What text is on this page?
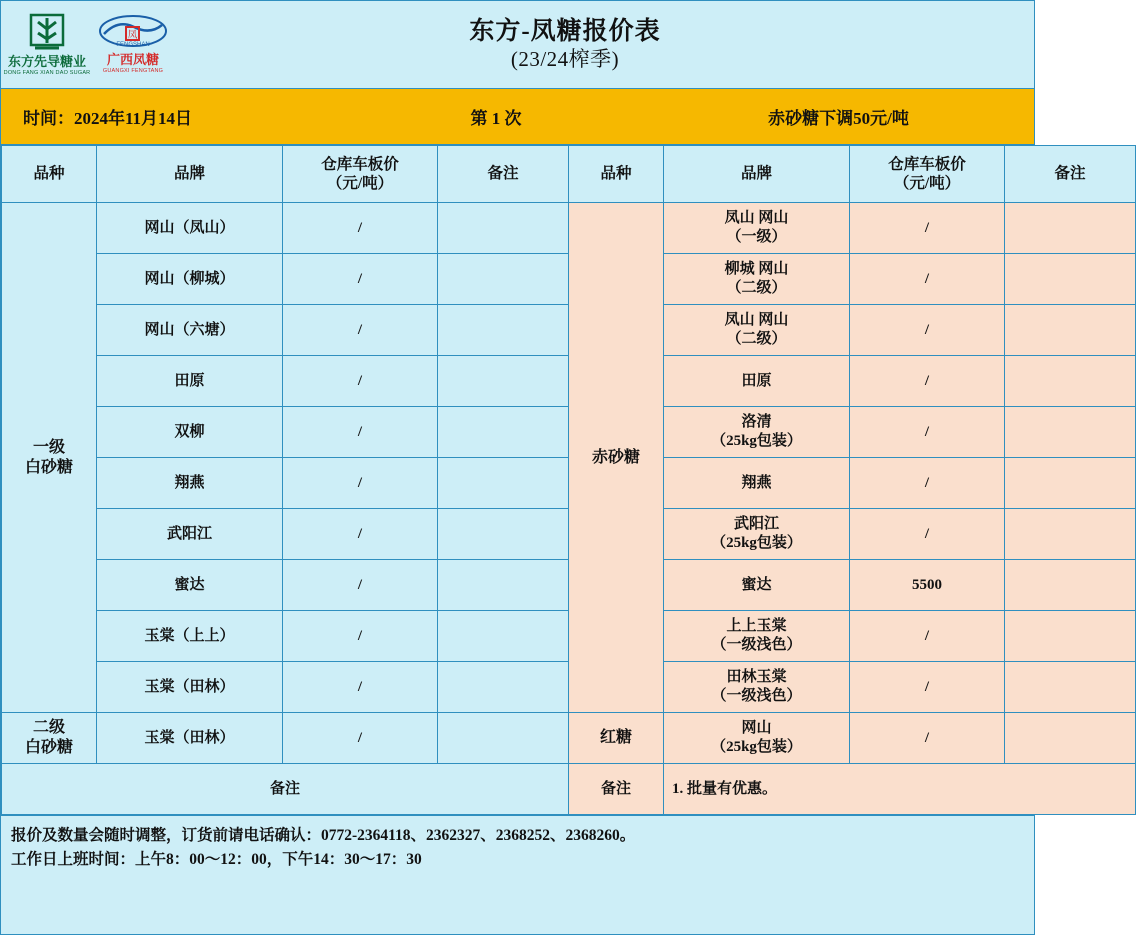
东方先导糖业
DONG FANG XIAN DAO SUGAR
凤
FENGSHAN
广西凤糖
GUANGXI FENGTANG
东方-凤糖报价表
(23/24榨季)
时间：2024年11月14日	第 1 次	赤砂糖下调50元/吨
品种	品牌	
仓库车板价
（元/吨）
	备注	品种	品牌	
仓库车板价
（元/吨）
	备注

一级
白砂糖
	网山（凤山）	/		赤砂糖	
凤山 网山
（一级）
	/	
	网山（柳城）	/			柳城 网山
（二级）	/	
	网山（六塘）	/			凤山 网山
（二级）	/	
	田原	/			田原	/	
	双柳	/			洛清
（25kg包装）	/	
	翔燕	/			翔燕	/	
	武阳江	/			武阳江
（25kg包装）	/	
	蜜达	/			蜜达	5500	
	玉棠（上上）	/			上上玉棠
（一级浅色）	/	
	玉棠（田林）	/			田林玉棠
（一级浅色）	/	

二级
白砂糖
	玉棠（田林）	/		红糖	
网山
（25kg包装）
	/	
备注				备注	1. 批量有优惠。		
报价及数量会随时调整，订货前请电话确认：0772-2364118、2362327、2368252、2368260。
工作日上班时间：上午8：00～12：00，下午14：30～17：30
